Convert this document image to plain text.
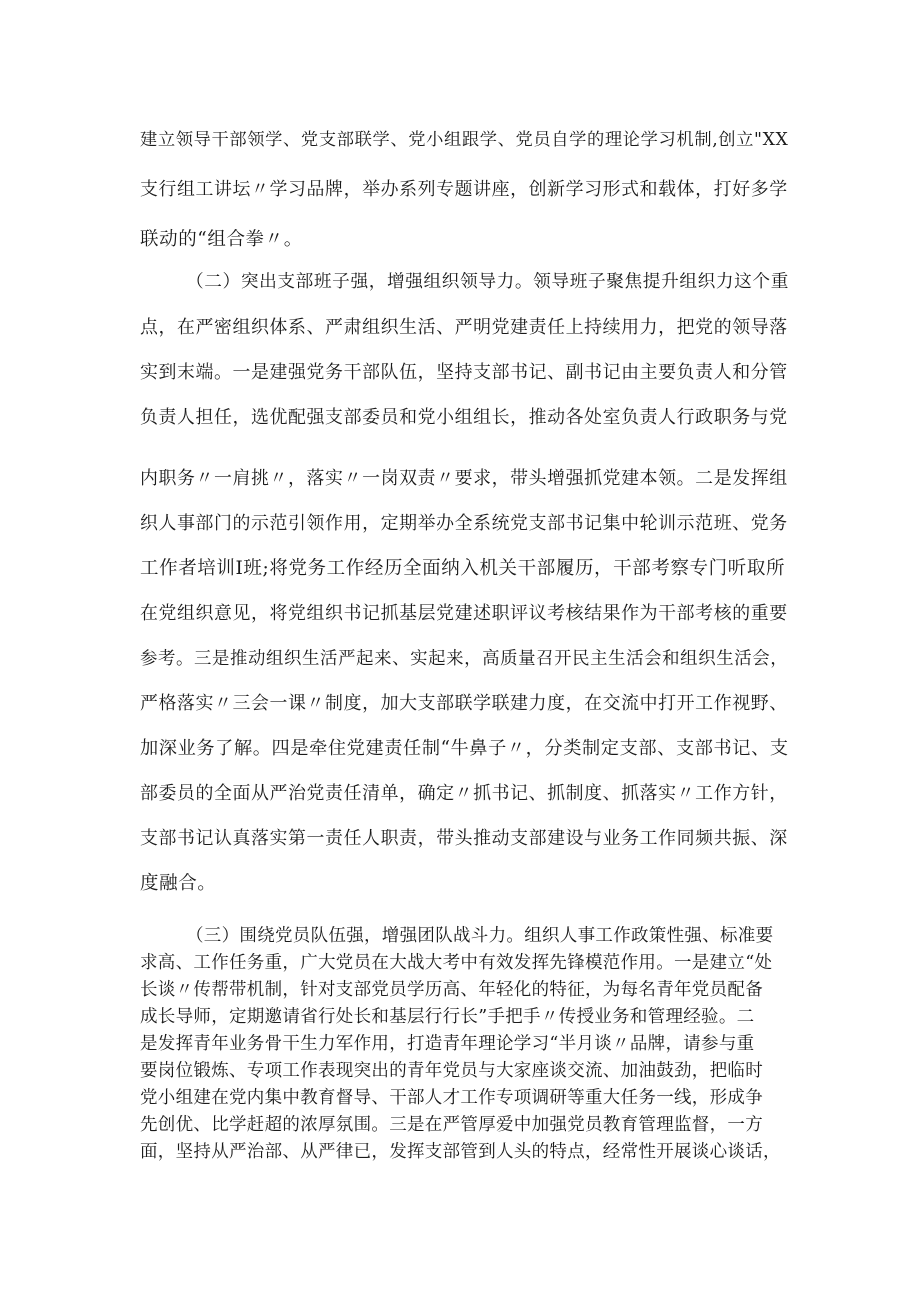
建立领导干部领学、党支部联学、党小组跟学、党员自学的理论学习机制,创立"XX
支行组工讲坛〃学习品牌，举办系列专题讲座，创新学习形式和载体，打好多学
联动的“组合拳〃。
（二）突出支部班子强，增强组织领导力。领导班子聚焦提升组织力这个重
点，在严密组织体系、严肃组织生活、严明党建责任上持续用力，把党的领导落
实到末端。一是建强党务干部队伍，坚持支部书记、副书记由主要负责人和分管
负责人担任，选优配强支部委员和党小组组长，推动各处室负责人行政职务与党
内职务〃一肩挑〃，落实〃一岗双责〃要求，带头增强抓党建本领。二是发挥组
织人事部门的示范引领作用，定期举办全系统党支部书记集中轮训示范班、党务
工作者培训I班;将党务工作经历全面纳入机关干部履历，干部考察专门听取所
在党组织意见，将党组织书记抓基层党建述职评议考核结果作为干部考核的重要
参考。三是推动组织生活严起来、实起来，高质量召开民主生活会和组织生活会，
严格落实〃三会一课〃制度，加大支部联学联建力度，在交流中打开工作视野、
加深业务了解。四是牵住党建责任制“牛鼻子〃，分类制定支部、支部书记、支
部委员的全面从严治党责任清单，确定〃抓书记、抓制度、抓落实〃工作方针，
支部书记认真落实第一责任人职责，带头推动支部建设与业务工作同频共振、深
度融合。
（三）围绕党员队伍强，增强团队战斗力。组织人事工作政策性强、标准要
求高、工作任务重，广大党员在大战大考中有效发挥先锋模范作用。一是建立“处
长谈〃传帮带机制，针对支部党员学历高、年轻化的特征，为每名青年党员配备
成长导师，定期邀请省行处长和基层行行长”手把手〃传授业务和管理经验。二
是发挥青年业务骨干生力军作用，打造青年理论学习“半月谈〃品牌，请参与重
要岗位锻炼、专项工作表现突出的青年党员与大家座谈交流、加油鼓劲，把临时
党小组建在党内集中教育督导、干部人才工作专项调研等重大任务一线，形成争
先创优、比学赶超的浓厚氛围。三是在严管厚爱中加强党员教育管理监督，一方
面，坚持从严治部、从严律已，发挥支部管到人头的特点，经常性开展谈心谈话，
